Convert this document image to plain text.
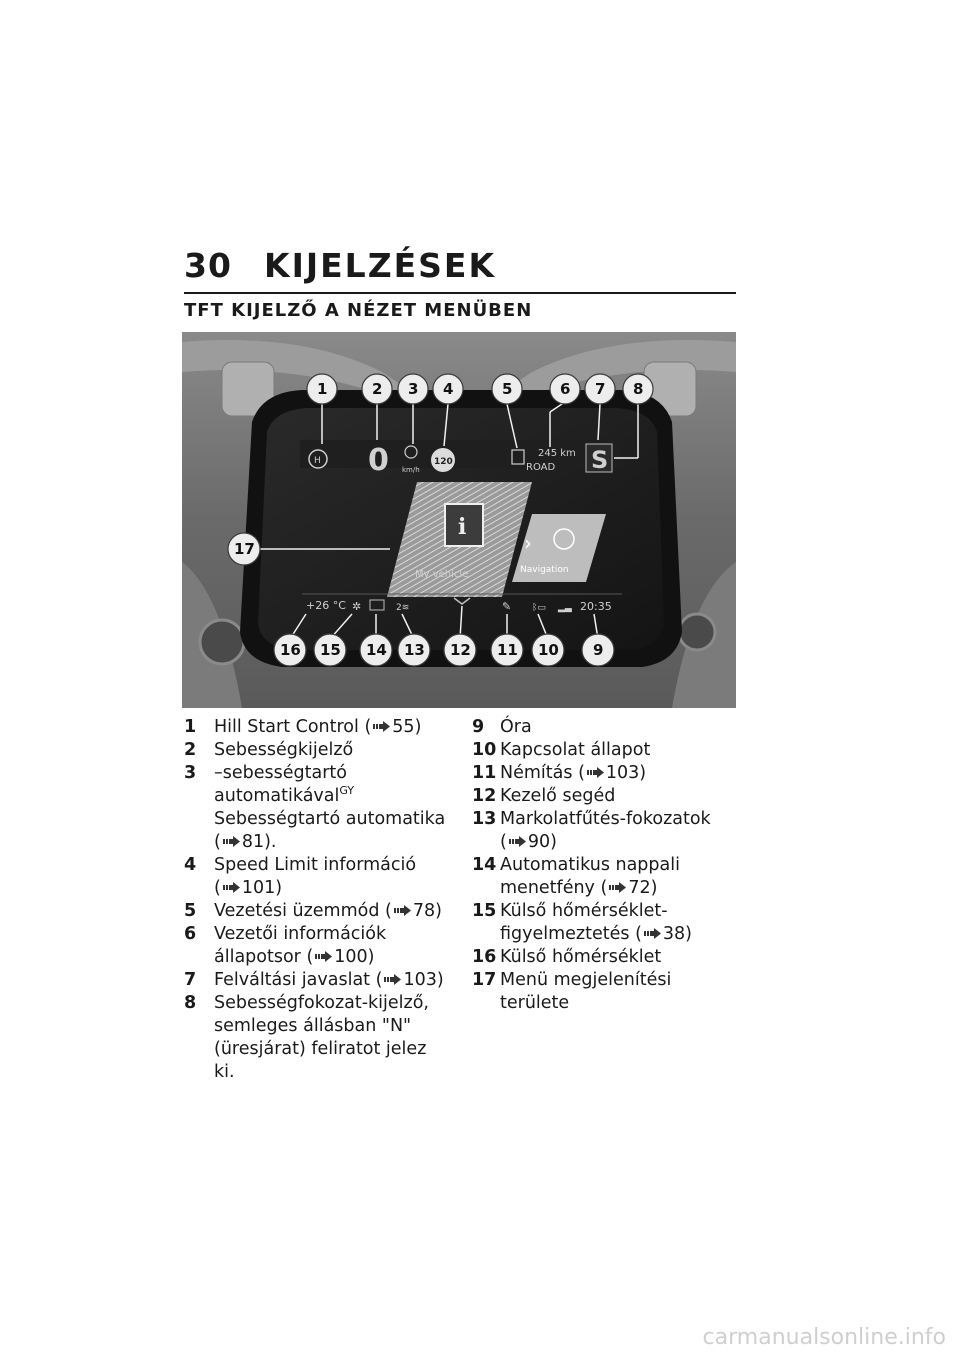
30 KIJELZÉSEK
TFT KIJELZŐ A NÉZET MENÜBEN
H 0 km/h
120
245 km
ROAD S
i
My vehicle
›
Navigation
+26 °C ✲	2≋	✎ ᛒ▭ ▂▃ 20:35
1	2 3 4	5	6 7 8
17
16 15 14 13 12 11 10 9
1 Hill Start Control ( 55)
2 Sebességkijelző
3 –sebességtartó automatikával$^{GY}$
Sebességtartó automatika ( 81).
4 Speed Limit információ ( 101)
5 Vezetési üzemmód ( 78)
6 Vezetői információk állapotsor ( 100)
7 Felváltási javaslat ( 103)
8 Sebességfokozat-kijelző, semleges állásban "N" (üresjárat) feliratot jelez ki.
9 Óra
10 Kapcsolat állapot
11 Némítás ( 103)
12 Kezelő segéd
13 Markolatfűtés-fokozatok ( 90)
14 Automatikus nappali menetfény ( 72)
15 Külső hőmérséklet-figyelmeztetés ( 38)
16 Külső hőmérséklet
17 Menü megjelenítési területe
carmanualsonline.info
